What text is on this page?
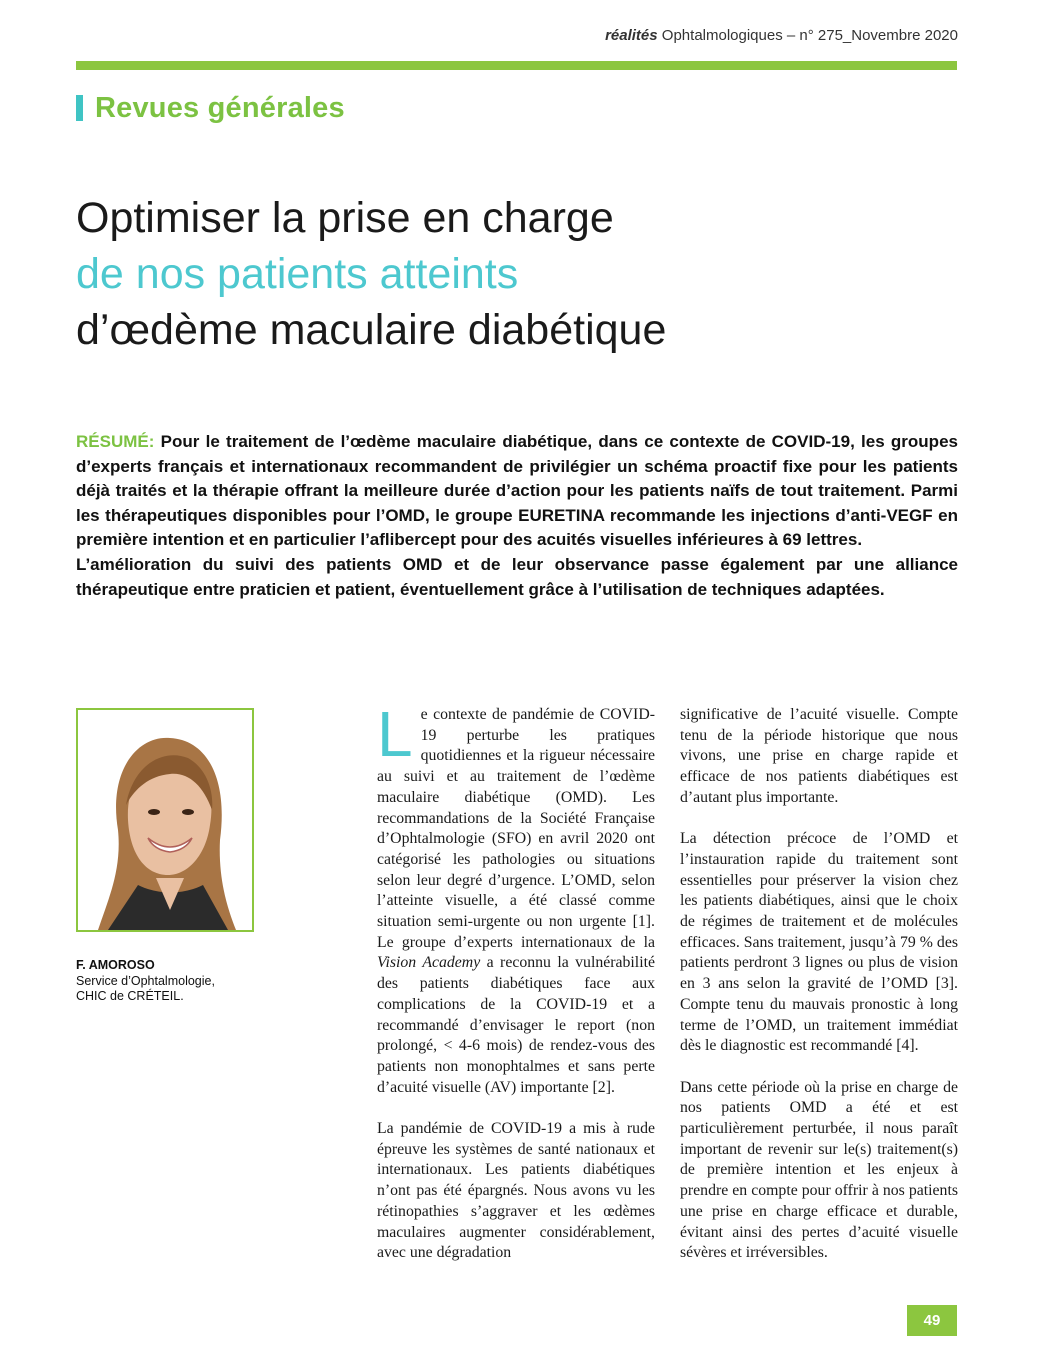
réalités Ophtalmologiques – n° 275_Novembre 2020
Revues générales
Optimiser la prise en charge
de nos patients atteints
d’œdème maculaire diabétique

RÉSUMÉ: Pour le traitement de l’œdème maculaire diabétique, dans ce contexte de COVID-19, les groupes d’experts français et internationaux recommandent de privilégier un schéma proactif fixe pour les patients déjà traités et la thérapie offrant la meilleure durée d’action pour les patients naïfs de tout traitement. Parmi les thérapeutiques disponibles pour l’OMD, le groupe EURETINA recommande les injections d’anti-VEGF en première intention et en particulier l’aflibercept pour des acuités visuelles inférieures à 69 lettres.

L’amélioration du suivi des patients OMD et de leur observance passe également par une alliance thérapeutique entre praticien et patient, éventuellement grâce à l’utilisation de techniques adaptées.

F. AMOROSO
Service d’Ophtalmologie,
CHIC de CRÉTEIL.

Le contexte de pandémie de COVID-19 perturbe les pratiques quotidiennes et la rigueur nécessaire au suivi et au traitement de l’œdème maculaire diabétique (OMD). Les recommandations de la Société Française d’Ophtalmologie (SFO) en avril 2020 ont catégorisé les pathologies ou situations selon leur degré d’urgence. L’OMD, selon l’atteinte visuelle, a été classé comme situation semi-urgente ou non urgente [1]. Le groupe d’experts internationaux de la Vision Academy a reconnu la vulnérabilité des patients diabétiques face aux complications de la COVID-19 et a recommandé d’envisager le report (non prolongé, < 4-6 mois) de rendez-vous des patients non monophtalmes et sans perte d’acuité visuelle (AV) importante [2].

La pandémie de COVID-19 a mis à rude épreuve les systèmes de santé nationaux et internationaux. Les patients diabétiques n’ont pas été épargnés. Nous avons vu les rétinopathies s’aggraver et les œdèmes maculaires augmenter considérablement, avec une dégradation

significative de l’acuité visuelle. Compte tenu de la période historique que nous vivons, une prise en charge rapide et efficace de nos patients diabétiques est d’autant plus importante.

La détection précoce de l’OMD et l’instauration rapide du traitement sont essentielles pour préserver la vision chez les patients diabétiques, ainsi que le choix de régimes de traitement et de molécules efficaces. Sans traitement, jusqu’à 79 % des patients perdront 3 lignes ou plus de vision en 3 ans selon la gravité de l’OMD [3]. Compte tenu du mauvais pronostic à long terme de l’OMD, un traitement immédiat dès le diagnostic est recommandé [4].

Dans cette période où la prise en charge de nos patients OMD a été et est particulièrement perturbée, il nous paraît important de revenir sur le(s) traitement(s) de première intention et les enjeux à prendre en compte pour offrir à nos patients une prise en charge efficace et durable, évitant ainsi des pertes d’acuité visuelle sévères et irréversibles.

49
